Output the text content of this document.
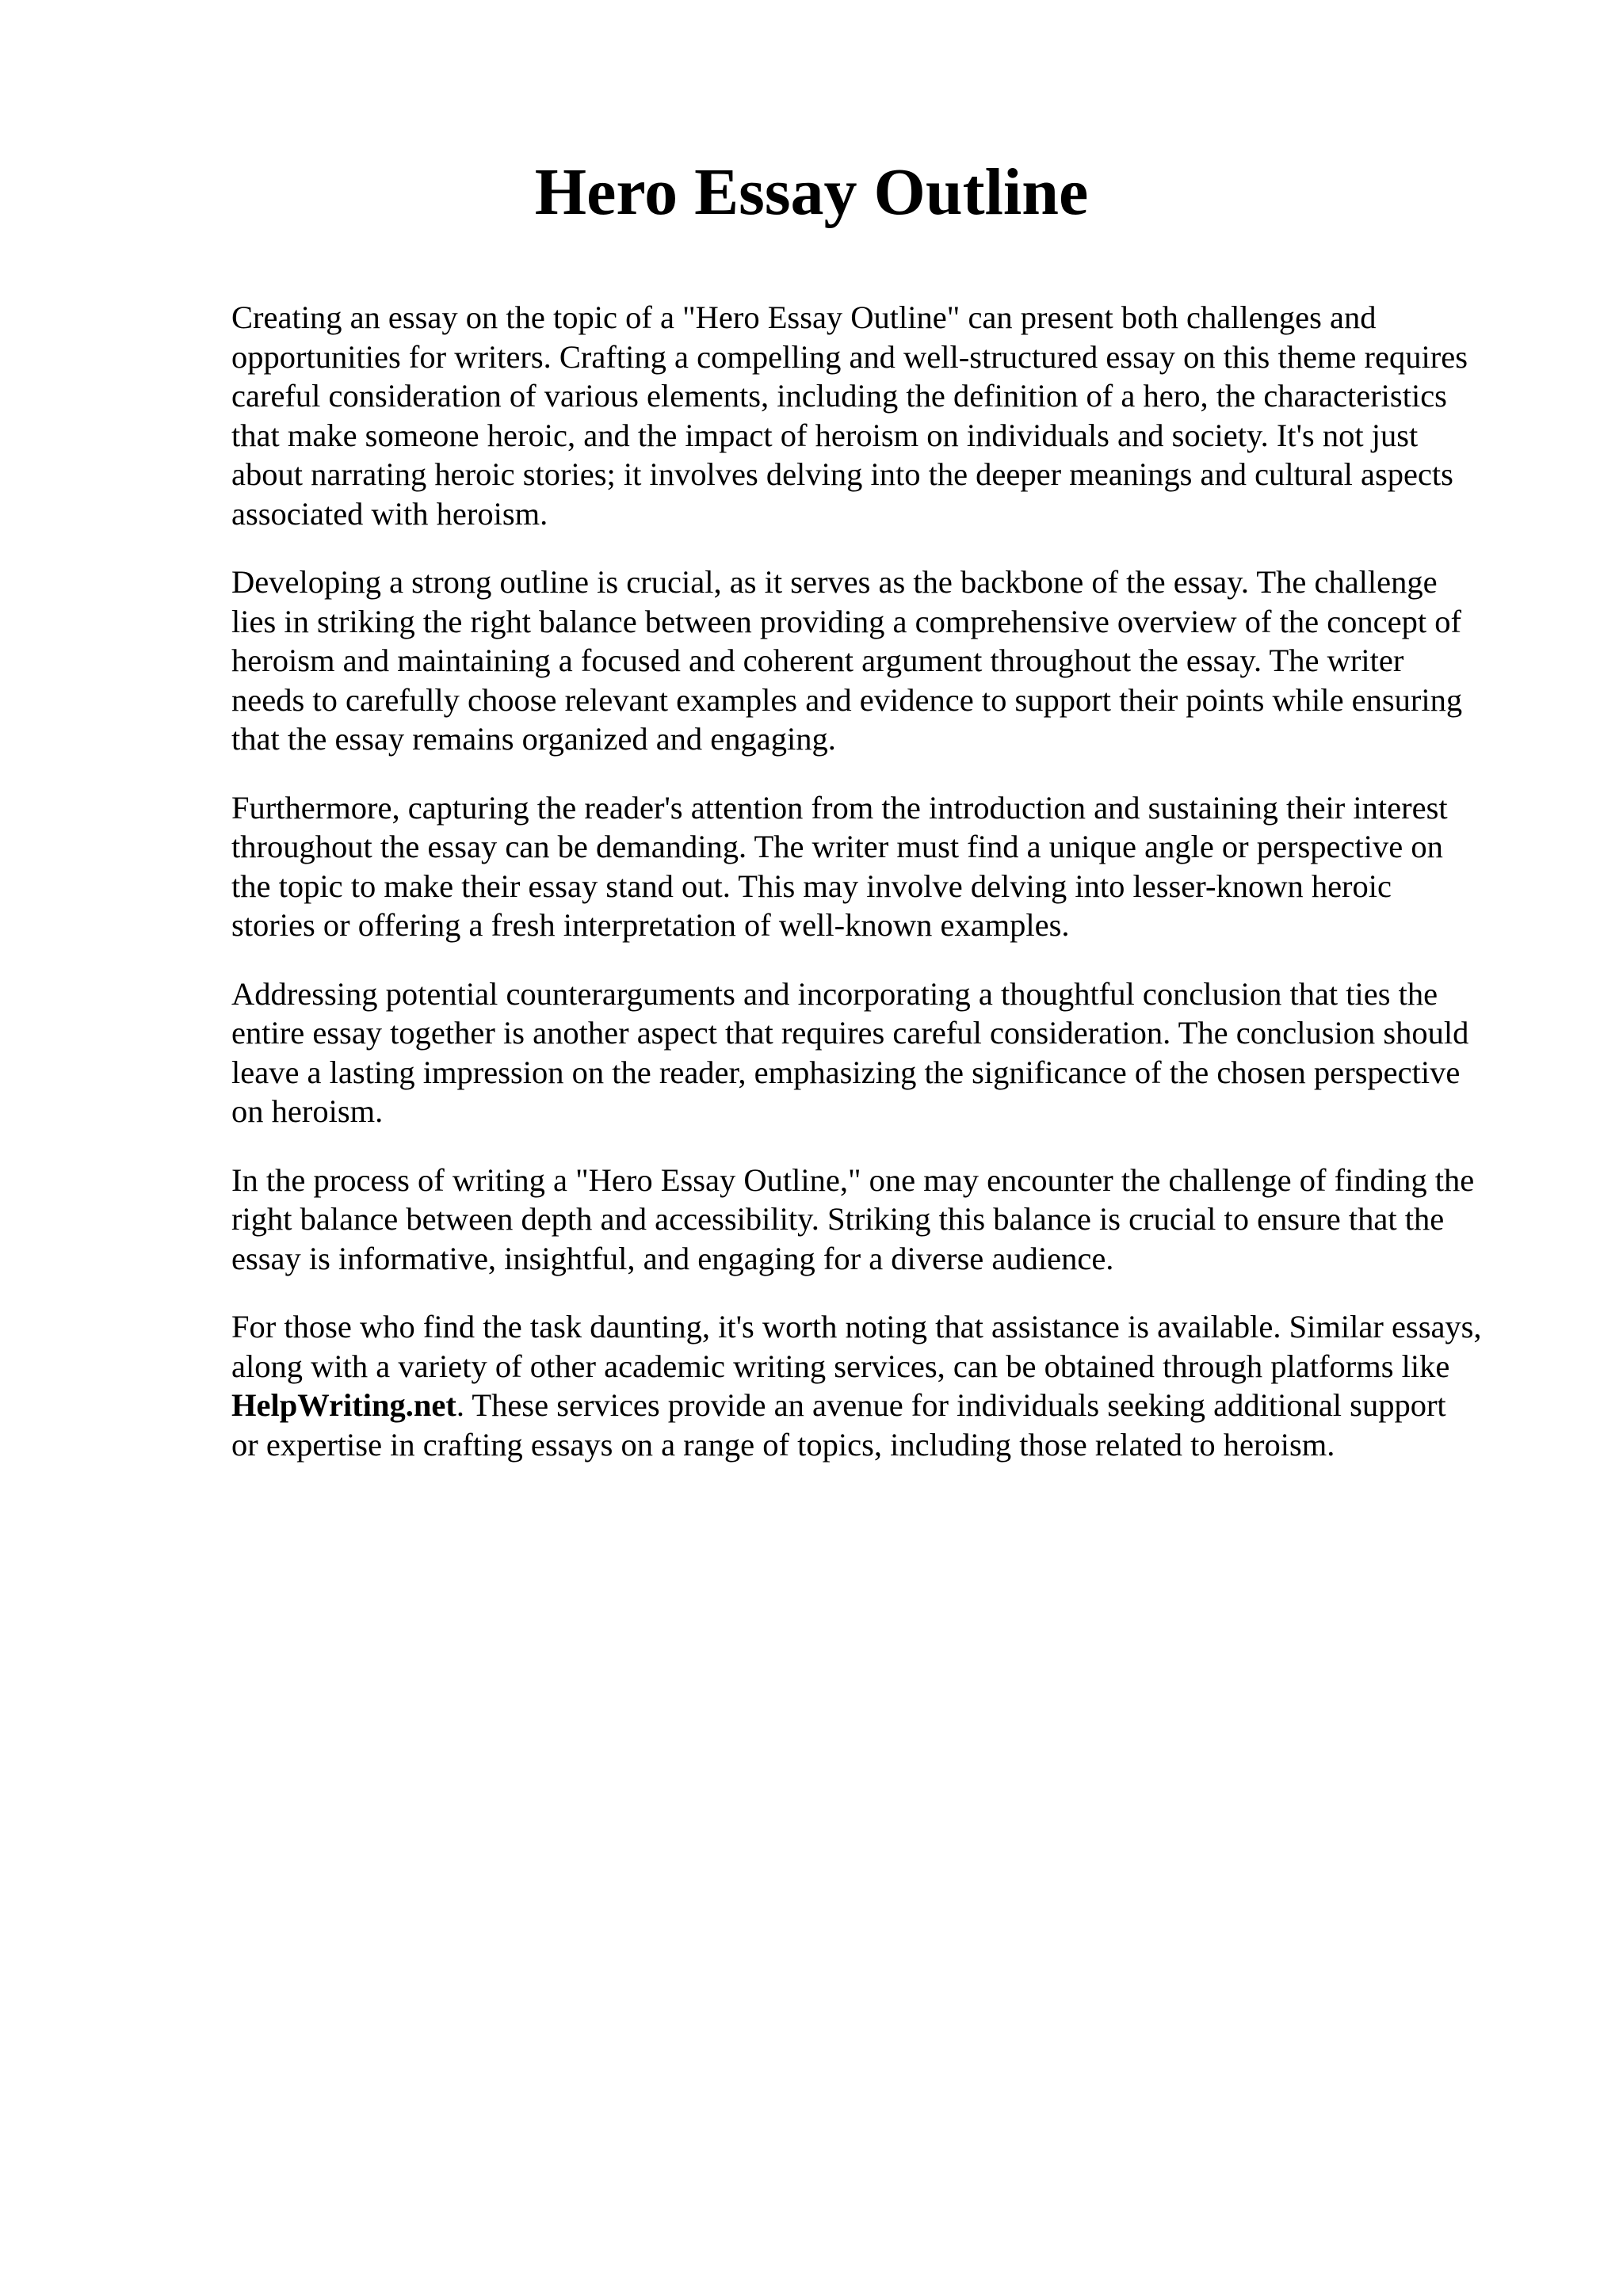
Hero Essay Outline

Creating an essay on the topic of a "Hero Essay Outline" can present both challenges and
opportunities for writers. Crafting a compelling and well-structured essay on this theme requires
careful consideration of various elements, including the definition of a hero, the characteristics
that make someone heroic, and the impact of heroism on individuals and society. It's not just
about narrating heroic stories; it involves delving into the deeper meanings and cultural aspects
associated with heroism.

Developing a strong outline is crucial, as it serves as the backbone of the essay. The challenge
lies in striking the right balance between providing a comprehensive overview of the concept of
heroism and maintaining a focused and coherent argument throughout the essay. The writer
needs to carefully choose relevant examples and evidence to support their points while ensuring
that the essay remains organized and engaging.

Furthermore, capturing the reader's attention from the introduction and sustaining their interest
throughout the essay can be demanding. The writer must find a unique angle or perspective on
the topic to make their essay stand out. This may involve delving into lesser-known heroic
stories or offering a fresh interpretation of well-known examples.

Addressing potential counterarguments and incorporating a thoughtful conclusion that ties the
entire essay together is another aspect that requires careful consideration. The conclusion should
leave a lasting impression on the reader, emphasizing the significance of the chosen perspective
on heroism.

In the process of writing a "Hero Essay Outline," one may encounter the challenge of finding the
right balance between depth and accessibility. Striking this balance is crucial to ensure that the
essay is informative, insightful, and engaging for a diverse audience.

For those who find the task daunting, it's worth noting that assistance is available. Similar essays,
along with a variety of other academic writing services, can be obtained through platforms like
HelpWriting.net. These services provide an avenue for individuals seeking additional support
or expertise in crafting essays on a range of topics, including those related to heroism.
